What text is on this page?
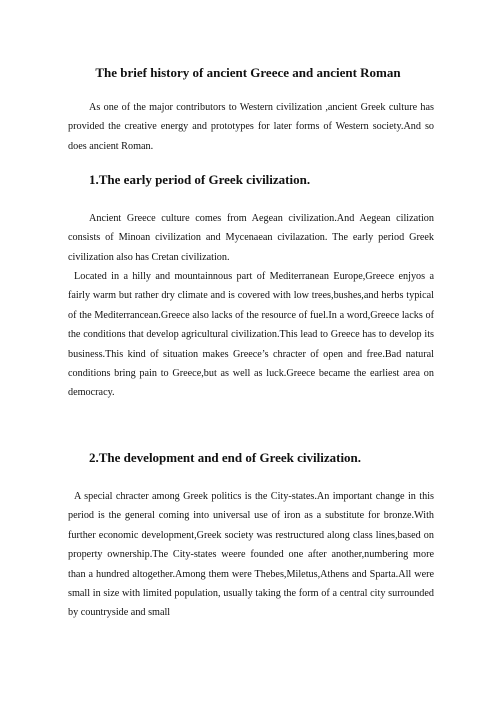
The brief history of ancient Greece and ancient Roman

As one of the major contributors to Western civilization ,ancient Greek culture has provided the creative energy and prototypes for later forms of Western society.And so does ancient Roman.

1.The early period of Greek civilization.

Ancient Greece culture comes from Aegean civilization.And Aegean cilization consists of Minoan civilization and Mycenaean civilazation. The early period Greek civilization also has Cretan civilization.

Located in a hilly and mountainnous part of Mediterranean Europe,Greece enjyos a fairly warm but rather dry climate and is covered with low trees,bushes,and herbs typical of the Mediterrancean.Greece also lacks of the resource of fuel.In a word,Greece lacks of the conditions that develop agricultural civilization.This lead to Greece has to develop its business.This kind of situation makes Greece’s chracter of open and free.Bad natural conditions bring pain to Greece,but as well as luck.Greece became the earliest area on democracy.

2.The development and end of Greek civilization.

A special chracter among Greek politics is the City-states.An important change in this period is the general coming into universal use of iron as a substitute for bronze.With further economic development,Greek society was restructured along class lines,based on property ownership.The City-states weere founded one after another,numbering more than a hundred altogether.Among them were Thebes,Miletus,Athens and Sparta.All were small in size with limited population, usually taking the form of a central city surrounded by countryside and small
